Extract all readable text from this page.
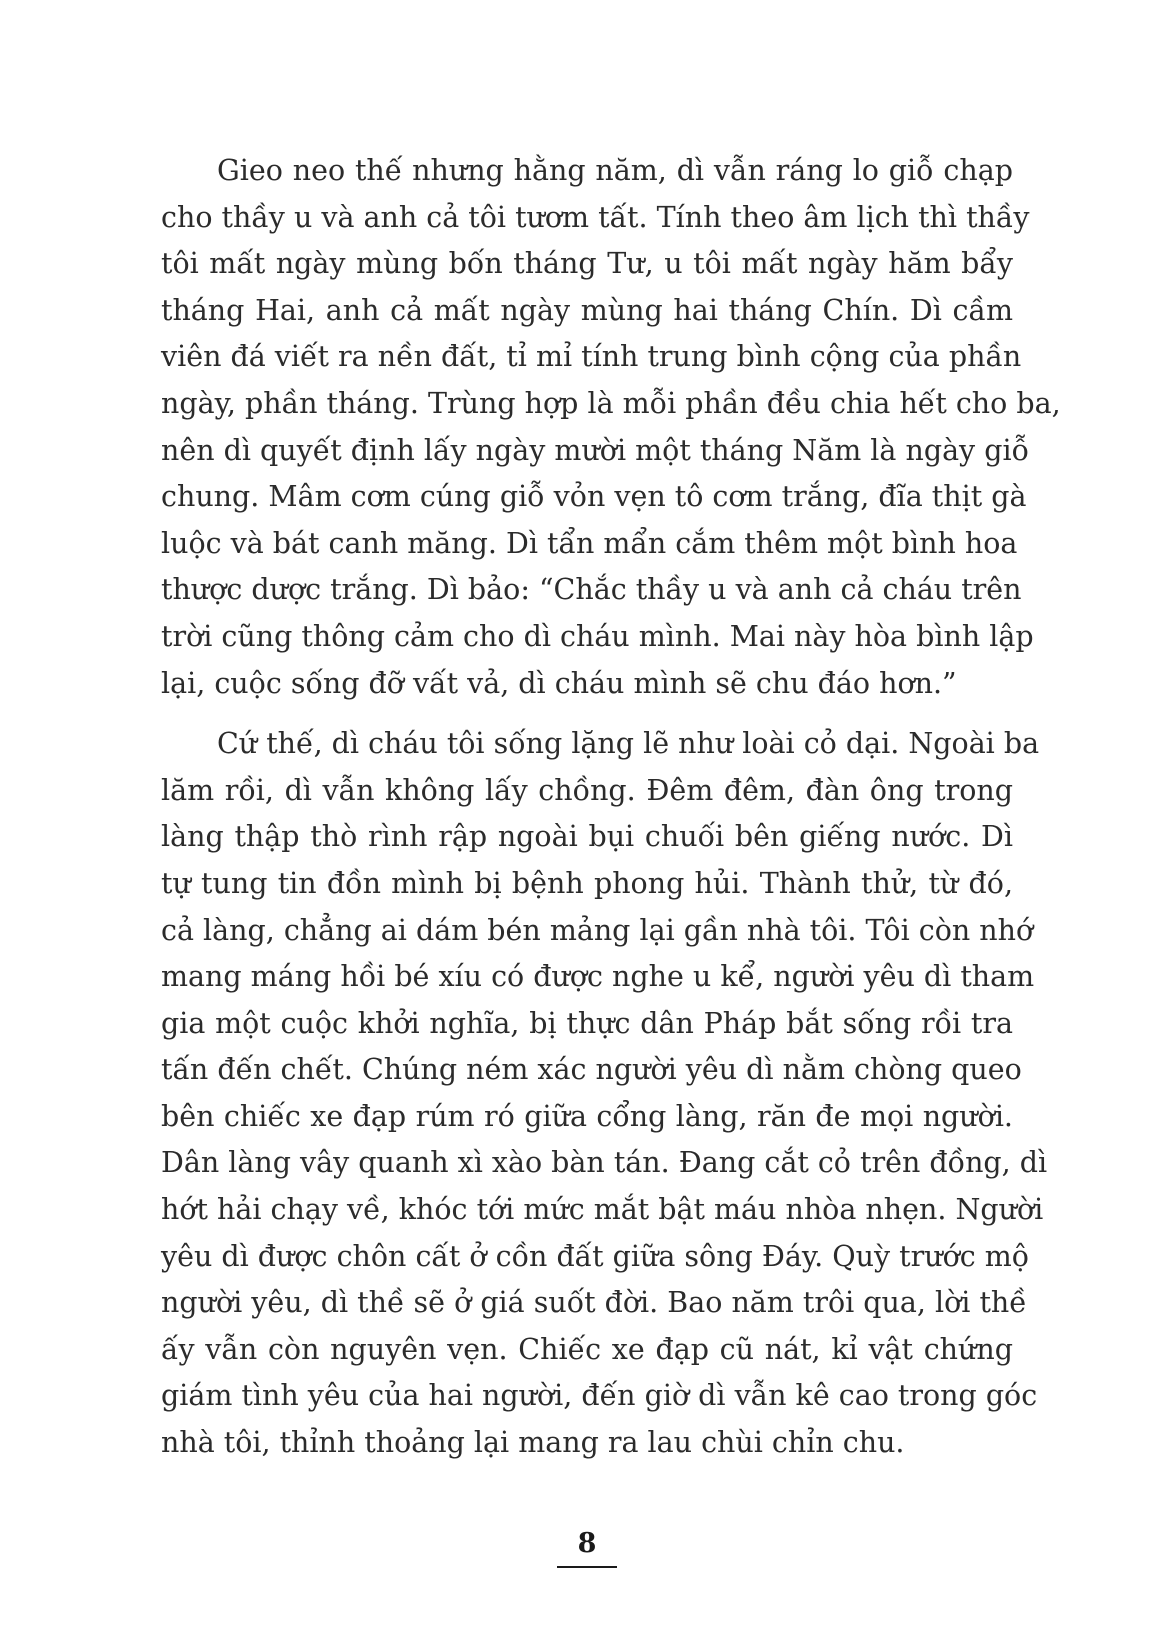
Gieo neo thế nhưng hằng năm, dì vẫn ráng lo giỗ chạp
cho thầy u và anh cả tôi tươm tất. Tính theo âm lịch thì thầy
tôi mất ngày mùng bốn tháng Tư, u tôi mất ngày hăm bẩy
tháng Hai, anh cả mất ngày mùng hai tháng Chín. Dì cầm
viên đá viết ra nền đất, tỉ mỉ tính trung bình cộng của phần
ngày, phần tháng. Trùng hợp là mỗi phần đều chia hết cho ba,
nên dì quyết định lấy ngày mười một tháng Năm là ngày giỗ
chung. Mâm cơm cúng giỗ vỏn vẹn tô cơm trắng, đĩa thịt gà
luộc và bát canh măng. Dì tẩn mẩn cắm thêm một bình hoa
thược dược trắng. Dì bảo: “Chắc thầy u và anh cả cháu trên
trời cũng thông cảm cho dì cháu mình. Mai này hòa bình lập
lại, cuộc sống đỡ vất vả, dì cháu mình sẽ chu đáo hơn.”
Cứ thế, dì cháu tôi sống lặng lẽ như loài cỏ dại. Ngoài ba
lăm rồi, dì vẫn không lấy chồng. Đêm đêm, đàn ông trong
làng thập thò rình rập ngoài bụi chuối bên giếng nước. Dì
tự tung tin đồn mình bị bệnh phong hủi. Thành thử, từ đó,
cả làng, chẳng ai dám bén mảng lại gần nhà tôi. Tôi còn nhớ
mang máng hồi bé xíu có được nghe u kể, người yêu dì tham
gia một cuộc khởi nghĩa, bị thực dân Pháp bắt sống rồi tra
tấn đến chết. Chúng ném xác người yêu dì nằm chòng queo
bên chiếc xe đạp rúm ró giữa cổng làng, răn đe mọi người.
Dân làng vây quanh xì xào bàn tán. Đang cắt cỏ trên đồng, dì
hớt hải chạy về, khóc tới mức mắt bật máu nhòa nhẹn. Người
yêu dì được chôn cất ở cồn đất giữa sông Đáy. Quỳ trước mộ
người yêu, dì thề sẽ ở giá suốt đời. Bao năm trôi qua, lời thề
ấy vẫn còn nguyên vẹn. Chiếc xe đạp cũ nát, kỉ vật chứng
giám tình yêu của hai người, đến giờ dì vẫn kê cao trong góc
nhà tôi, thỉnh thoảng lại mang ra lau chùi chỉn chu.
8
